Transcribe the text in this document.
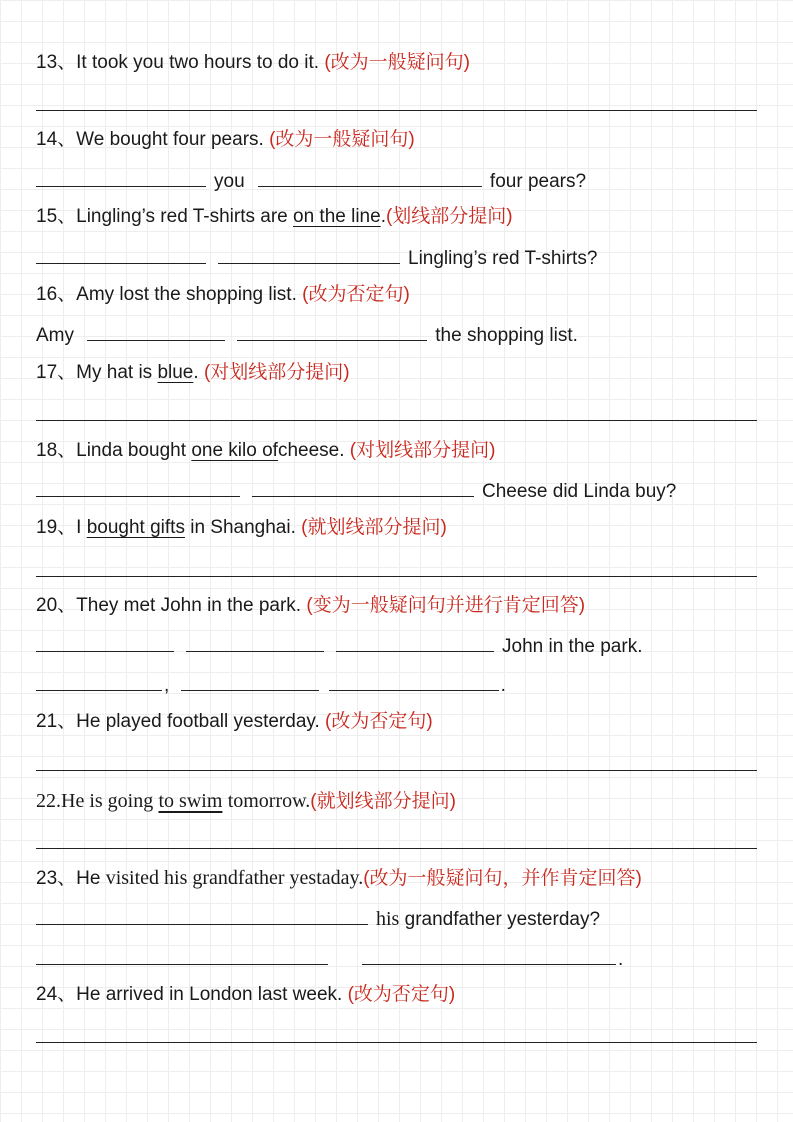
13、It took you two hours to do it. (改为一般疑问句)
14、We bought four pears. (改为一般疑问句)
you	four pears?
15、Lingling’s red T-shirts are on the line.(划线部分提问)
Lingling’s red T-shirts?
16、Amy lost the shopping list. (改为否定句)
Amy	the shopping list.
17、My hat is blue. (对划线部分提问)
18、Linda bought one kilo ofcheese. (对划线部分提问)
Cheese did Linda buy?
19、I bought gifts in Shanghai. (就划线部分提问)
20、They met John in the park. (变为一般疑问句并进行肯定回答)
John in the park.
,	.
21、He played football yesterday. (改为否定句)
22.He is going to swim tomorrow.(就划线部分提问)
23、He visited his grandfather yestaday.(改为一般疑问句，并作肯定回答)
his grandfather yesterday?
.
24、He arrived in London last week. (改为否定句)
